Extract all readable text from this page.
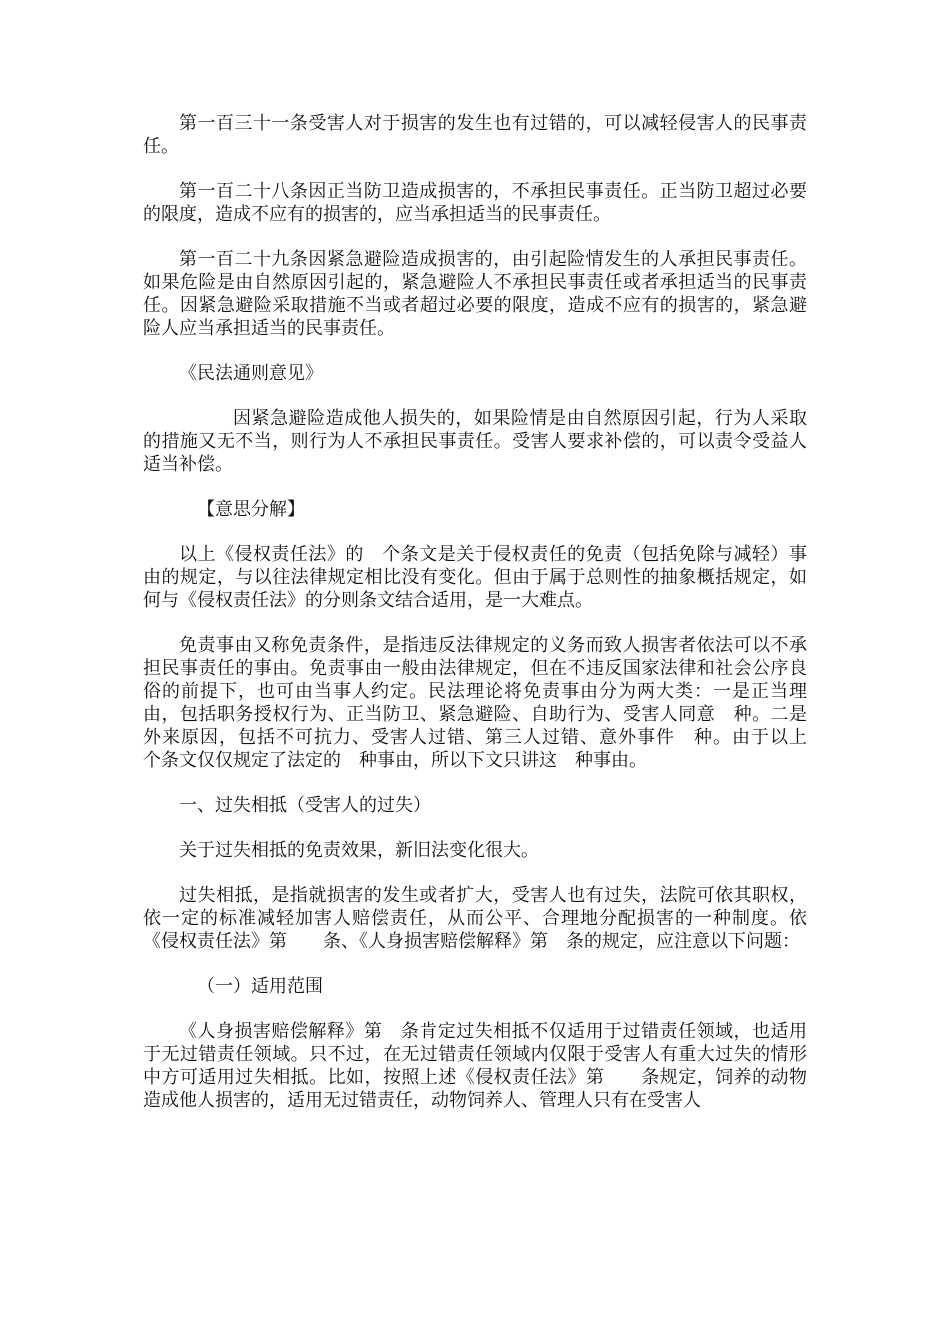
第一百三十一条受害人对于损害的发生也有过错的，可以减轻侵害人的民事责任。

第一百二十八条因正当防卫造成损害的，不承担民事责任。正当防卫超过必要的限度，造成不应有的损害的，应当承担适当的民事责任。

第一百二十九条因紧急避险造成损害的，由引起险情发生的人承担民事责任。如果危险是由自然原因引起的，紧急避险人不承担民事责任或者承担适当的民事责任。因紧急避险采取措施不当或者超过必要的限度，造成不应有的损害的，紧急避险人应当承担适当的民事责任。

《民法通则意见》

因紧急避险造成他人损失的，如果险情是由自然原因引起，行为人采取的措施又无不当，则行为人不承担民事责任。受害人要求补偿的，可以责令受益人适当补偿。

【意思分解】

以上《侵权责任法》的　个条文是关于侵权责任的免责（包括免除与减轻）事由的规定，与以往法律规定相比没有变化。但由于属于总则性的抽象概括规定，如何与《侵权责任法》的分则条文结合适用，是一大难点。

免责事由又称免责条件，是指违反法律规定的义务而致人损害者依法可以不承担民事责任的事由。免责事由一般由法律规定，但在不违反国家法律和社会公序良俗的前提下，也可由当事人约定。民法理论将免责事由分为两大类：一是正当理由，包括职务授权行为、正当防卫、紧急避险、自助行为、受害人同意　种。二是外来原因，包括不可抗力、受害人过错、第三人过错、意外事件　种。由于以上　个条文仅仅规定了法定的　种事由，所以下文只讲这　种事由。

一、过失相抵（受害人的过失）

关于过失相抵的免责效果，新旧法变化很大。

过失相抵，是指就损害的发生或者扩大，受害人也有过失，法院可依其职权，依一定的标准减轻加害人赔偿责任，从而公平、合理地分配损害的一种制度。依《侵权责任法》第　　条、《人身损害赔偿解释》第　条的规定，应注意以下问题：

（一）适用范围

《人身损害赔偿解释》第　条肯定过失相抵不仅适用于过错责任领域，也适用于无过错责任领域。只不过，在无过错责任领域内仅限于受害人有重大过失的情形中方可适用过失相抵。比如，按照上述《侵权责任法》第　　条规定，饲养的动物造成他人损害的，适用无过错责任，动物饲养人、管理人只有在受害人
